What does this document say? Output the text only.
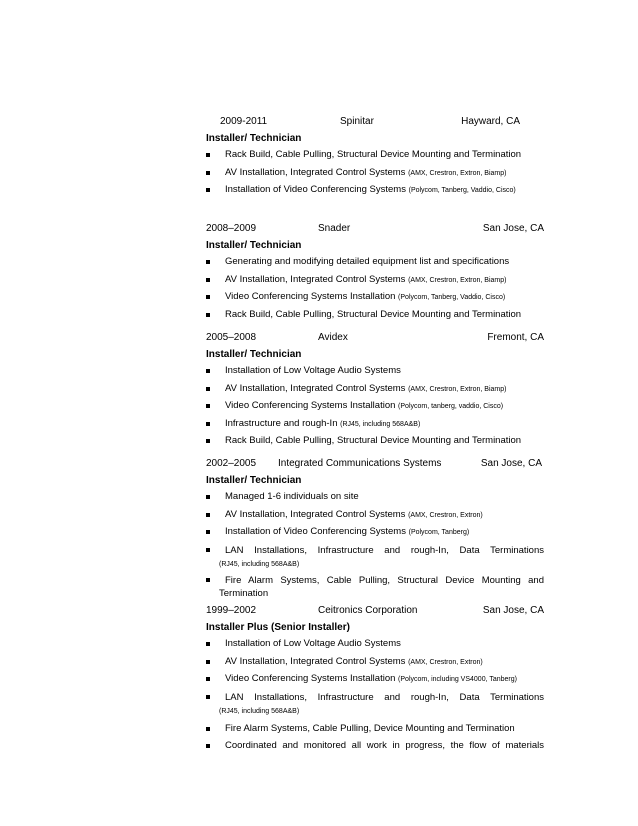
2009-2011	Spinitar	Hayward, CA
Installer/ Technician
Rack Build, Cable Pulling, Structural Device Mounting and Termination
AV Installation, Integrated Control Systems (AMX, Crestron, Extron, Biamp)
Installation of Video Conferencing Systems (Polycom, Tanberg, Vaddio, Cisco)
2008–2009	Snader	San Jose, CA
Installer/ Technician
Generating and modifying detailed equipment list and specifications
AV Installation, Integrated Control Systems (AMX, Crestron, Extron, Biamp)
Video Conferencing Systems Installation (Polycom, Tanberg, Vaddio, Cisco)
Rack Build, Cable Pulling, Structural Device Mounting and Termination
2005–2008	Avidex	Fremont, CA
Installer/ Technician
Installation of Low Voltage Audio Systems
AV Installation, Integrated Control Systems (AMX, Crestron, Extron, Biamp)
Video Conferencing Systems Installation (Polycom, tanberg, vaddio, Cisco)
Infrastructure and rough-In (RJ45, including 568A&B)
Rack Build, Cable Pulling, Structural Device Mounting and Termination
2002–2005 Integrated Communications Systems	San Jose, CA
Installer/ Technician
Managed 1-6 individuals on site
AV Installation, Integrated Control Systems (AMX, Crestron, Extron)
Installation of Video Conferencing Systems (Polycom, Tanberg)
LAN Installations, Infrastructure and rough-In, Data Terminations
(RJ45, including 568A&B)
Fire Alarm Systems, Cable Pulling, Structural Device Mounting and
Termination
1999–2002	Ceitronics Corporation	San Jose, CA
Installer Plus (Senior Installer)
Installation of Low Voltage Audio Systems
AV Installation, Integrated Control Systems (AMX, Crestron, Extron)
Video Conferencing Systems Installation (Polycom, including VS4000, Tanberg)
LAN Installations, Infrastructure and rough-In, Data Terminations
(RJ45, including 568A&B)
Fire Alarm Systems, Cable Pulling, Device Mounting and Termination
Coordinated and monitored all work in progress, the flow of materials
